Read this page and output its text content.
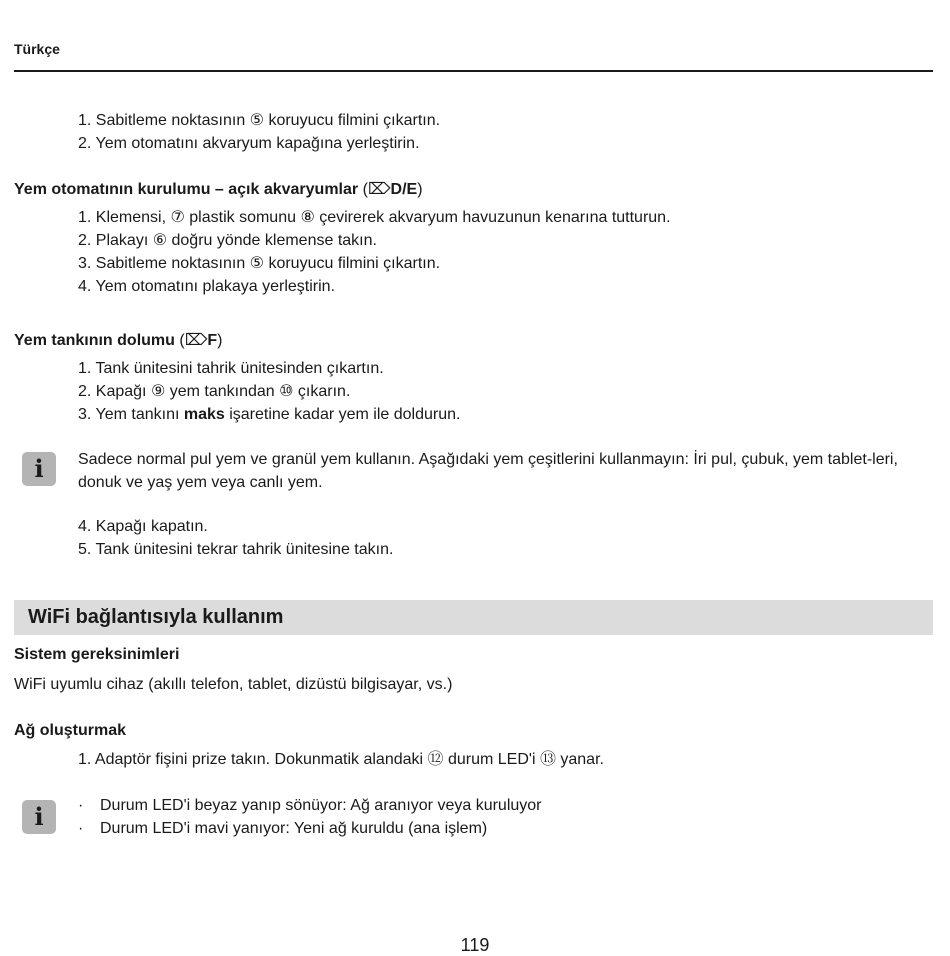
Türkçe
1. Sabitleme noktasının ⑤ koruyucu filmini çıkartın.
2. Yem otomatını akvaryum kapağına yerleştirin.
Yem otomatının kurulumu – açık akvaryumlar (⌦D/E)
1. Klemensi, ⑦ plastik somunu ⑧ çevirerek akvaryum havuzunun kenarına tutturun.
2. Plakayı ⑥ doğru yönde klemense takın.
3. Sabitleme noktasının ⑤ koruyucu filmini çıkartın.
4. Yem otomatını plakaya yerleştirin.
Yem tankının dolumu (⌦F)
1. Tank ünitesini tahrik ünitesinden çıkartın.
2. Kapağı ⑨ yem tankından ⑩ çıkarın.
3. Yem tankını maks işaretine kadar yem ile doldurun.
i	Sadece normal pul yem ve granül yem kullanın. Aşağıdaki yem çeşitlerini kullanmayın: İri pul, çubuk, yem tablet-leri, donuk ve yaş yem veya canlı yem.

4. Kapağı kapatın.
5. Tank ünitesini tekrar tahrik ünitesine takın.
WiFi bağlantısıyla kullanım
Sistem gereksinimleri
WiFi uyumlu cihaz (akıllı telefon, tablet, dizüstü bilgisayar, vs.)
Ağ oluşturmak
1. Adaptör fişini prize takın. Dokunmatik alandaki ⑫ durum LED'i ⑬ yanar.
i	· Durum LED'i beyaz yanıp sönüyor: Ağ aranıyor veya kuruluyor
· Durum LED'i mavi yanıyor: Yeni ağ kuruldu (ana işlem)
119
